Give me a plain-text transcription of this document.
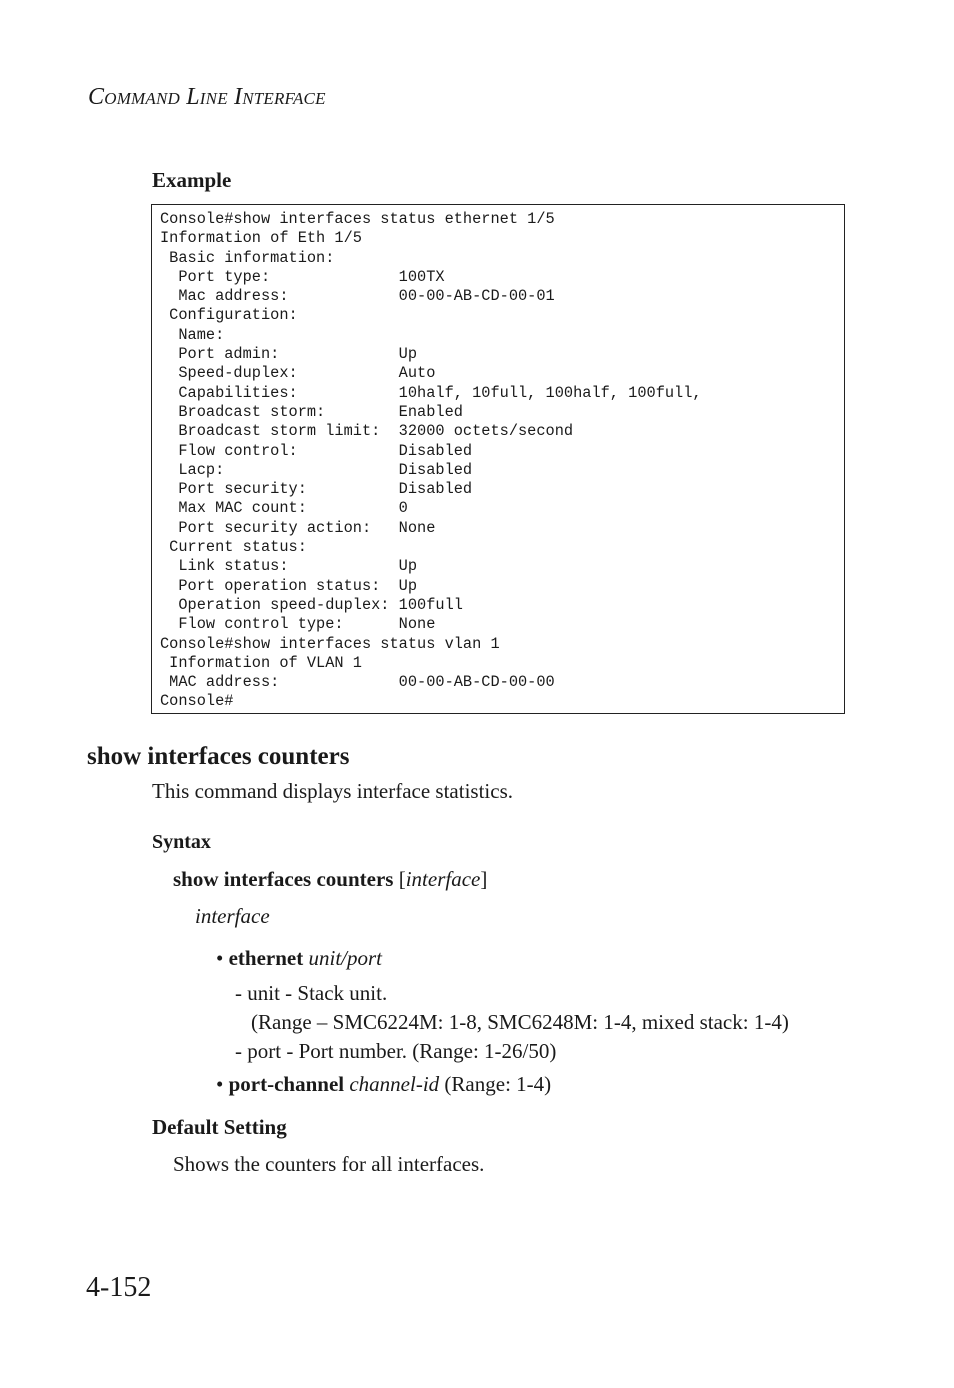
COMMAND LINE INTERFACE
Example
Console#show interfaces status ethernet 1/5
Information of Eth 1/5
Basic information:
Port type:              100TX
Mac address:            00-00-AB-CD-00-01
Configuration:
Name:
Port admin:             Up
Speed-duplex:           Auto
Capabilities:           10half, 10full, 100half, 100full,
Broadcast storm:        Enabled
Broadcast storm limit:  32000 octets/second
Flow control:           Disabled
Lacp:                   Disabled
Port security:          Disabled
Max MAC count:          0
Port security action:   None
Current status:
Link status:            Up
Port operation status:  Up
Operation speed-duplex: 100full
Flow control type:      None
Console#show interfaces status vlan 1
Information of VLAN 1
MAC address:             00-00-AB-CD-00-00
Console#
show interfaces counters
This command displays interface statistics.
Syntax
show interfaces counters [interface]
interface
• ethernet unit/port
- unit - Stack unit.
(Range – SMC6224M: 1-8, SMC6248M: 1-4, mixed stack: 1-4)
- port - Port number. (Range: 1-26/50)
• port-channel channel-id (Range: 1-4)
Default Setting
Shows the counters for all interfaces.
4-152
